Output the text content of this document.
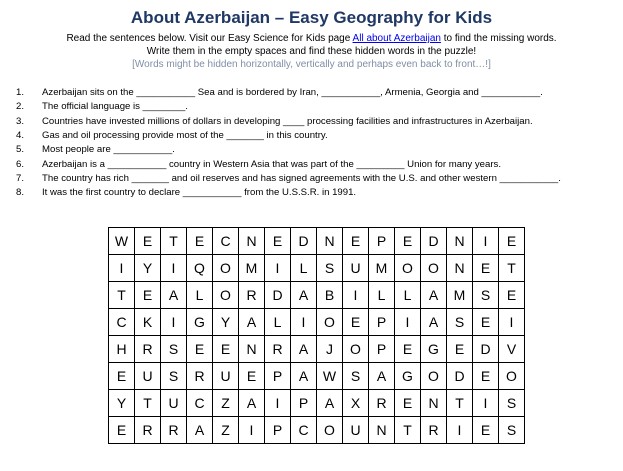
About Azerbaijan – Easy Geography for Kids
Read the sentences below. Visit our Easy Science for Kids page All about Azerbaijan to find the missing words.
Write them in the empty spaces and find these hidden words in the puzzle!
[Words might be hidden horizontally, vertically and perhaps even back to front…!]
1. Azerbaijan sits on the ___________ Sea and is bordered by Iran, ___________, Armenia, Georgia and ___________.
2. The official language is ________.
3. Countries have invested millions of dollars in developing ____ processing facilities and infrastructures in Azerbaijan.
4. Gas and oil processing provide most of the _______ in this country.
5. Most people are ___________.
6. Azerbaijan is a ___________ country in Western Asia that was part of the _________ Union for many years.
7. The country has rich _______ and oil reserves and has signed agreements with the U.S. and other western ___________.
8. It was the first country to declare ___________ from the U.S.S.R. in 1991.
W	E	T	E	C	N	E	D	N	E	P	E	D	N	I	E
I	Y	I	Q	O	M	I	L	S	U	M	O	O	N	E	T
T	E	A	L	O	R	D	A	B	I	L	L	A	M	S	E
C	K	I	G	Y	A	L	I	O	E	P	I	A	S	E	I
H	R	S	E	E	N	R	A	J	O	P	E	G	E	D	V
E	U	S	R	U	E	P	A	W	S	A	G	O	D	E	O
Y	T	U	C	Z	A	I	P	A	X	R	E	N	T	I	S
E	R	R	A	Z	I	P	C	O	U	N	T	R	I	E	S
